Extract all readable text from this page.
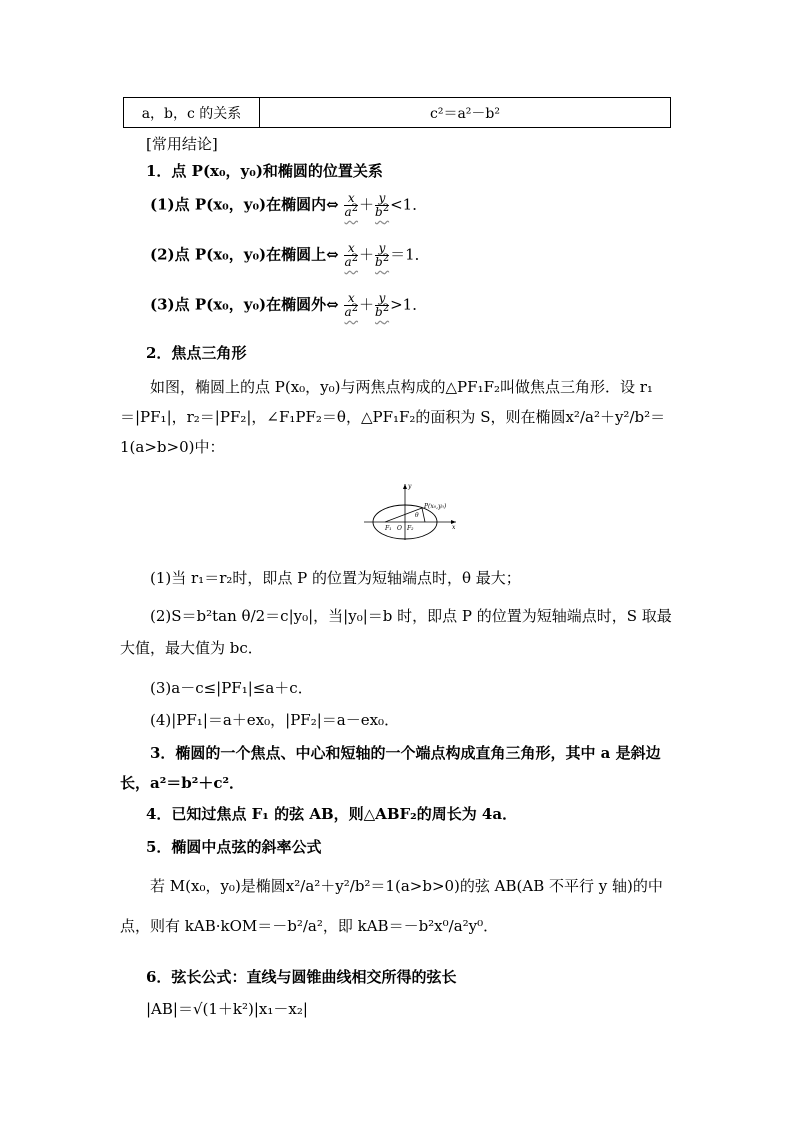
a，b，c 的关系	c²＝a²－b²
[常用结论]
1．点 P(x₀，y₀)和椭圆的位置关系
(1)点 P(x₀，y₀)在椭圆内⇔ $\frac{x}{a^2} + \frac{y}{b^2} <1$．
(2)点 P(x₀，y₀)在椭圆上⇔ $\frac{x}{a^2} + \frac{y}{b^2} =1$．
(3)点 P(x₀，y₀)在椭圆外⇔ $\frac{x}{a^2} + \frac{y}{b^2} >1$．
2．焦点三角形
如图，椭圆上的点 P(x₀，y₀)与两焦点构成的△PF₁F₂叫做焦点三角形．设 r₁＝|PF₁|，r₂＝|PF₂|，∠F₁PF₂＝θ，△PF₁F₂的面积为 S，则在椭圆x²/a²＋y²/b²＝1(a>b>0)中：
y
x
P(x₀,y₀)
θ
F₁ O F₂
(1)当 r₁＝r₂时，即点 P 的位置为短轴端点时，θ 最大；
(2)S＝b²tan θ/2＝c|y₀|，当|y₀|＝b 时，即点 P 的位置为短轴端点时，S 取最大值，最大值为 bc．
(3)a－c≤|PF₁|≤a＋c．
(4)|PF₁|＝a＋ex₀，|PF₂|＝a－ex₀．
3．椭圆的一个焦点、中心和短轴的一个端点构成直角三角形，其中 a 是斜边长，a²＝b²＋c²．
4．已知过焦点 F₁ 的弦 AB，则△ABF₂的周长为 4a．
5．椭圆中点弦的斜率公式
若 M(x₀，y₀)是椭圆x²/a²＋y²/b²＝1(a>b>0)的弦 AB(AB 不平行 y 轴)的中点，则有 kAB·kOM＝－b²/a²，即 kAB＝－b²x⁰/a²y⁰．
6．弦长公式：直线与圆锥曲线相交所得的弦长
|AB|＝√(1＋k²)|x₁－x₂|
